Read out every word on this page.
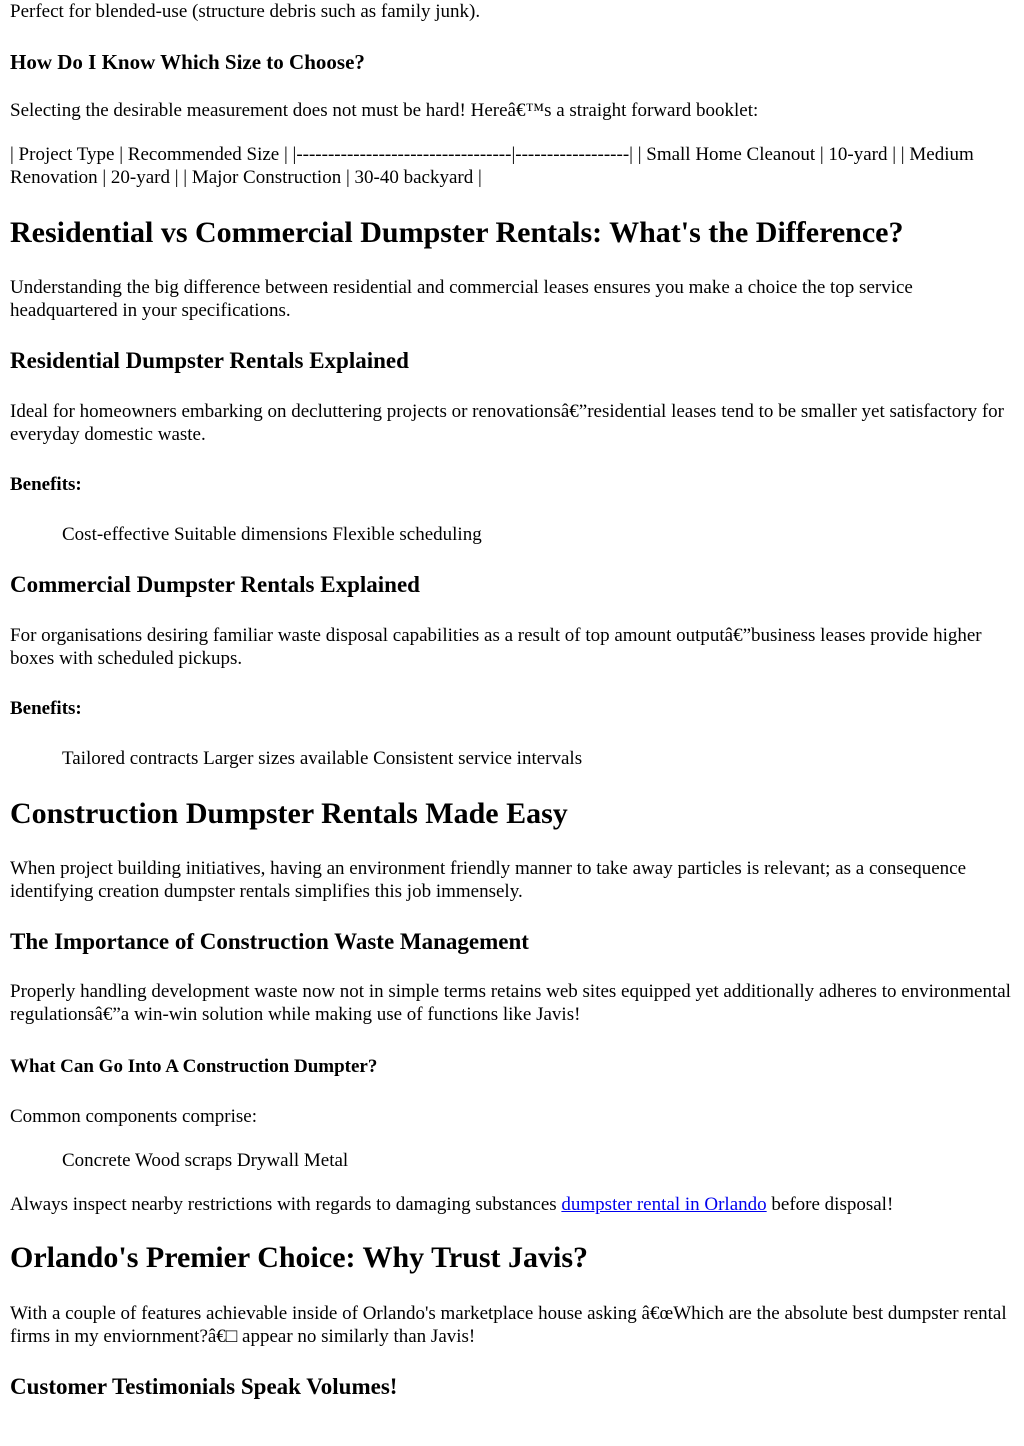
Perfect for blended-use (structure debris such as family junk).

How Do I Know Which Size to Choose?

Selecting the desirable measurement does not must be hard! Hereâ€™s a straight forward booklet:

| Project Type | Recommended Size | |----------------------------------|------------------| | Small Home Cleanout | 10-yard | | Medium Renovation | 20-yard | | Major Construction | 30-40 backyard |

Residential vs Commercial Dumpster Rentals: What's the Difference?

Understanding the big difference between residential and commercial leases ensures you make a choice the top service headquartered in your specifications.

Residential Dumpster Rentals Explained

Ideal for homeowners embarking on decluttering projects or renovationsâ€”residential leases tend to be smaller yet satisfactory for everyday domestic waste.

Benefits:

Cost-effective Suitable dimensions Flexible scheduling

Commercial Dumpster Rentals Explained

For organisations desiring familiar waste disposal capabilities as a result of top amount outputâ€”business leases provide higher boxes with scheduled pickups.

Benefits:

Tailored contracts Larger sizes available Consistent service intervals

Construction Dumpster Rentals Made Easy

When project building initiatives, having an environment friendly manner to take away particles is relevant; as a consequence identifying creation dumpster rentals simplifies this job immensely.

The Importance of Construction Waste Management

Properly handling development waste now not in simple terms retains web sites equipped yet additionally adheres to environmental regulationsâ€”a win-win solution while making use of functions like Javis!

What Can Go Into A Construction Dumpter?

Common components comprise:

Concrete Wood scraps Drywall Metal

Always inspect nearby restrictions with regards to damaging substances dumpster rental in Orlando before disposal!

Orlando's Premier Choice: Why Trust Javis?

With a couple of features achievable inside of Orlando's marketplace house asking â€œWhich are the absolute best dumpster rental firms in my enviornment?â€□ appear no similarly than Javis!

Customer Testimonials Speak Volumes!
